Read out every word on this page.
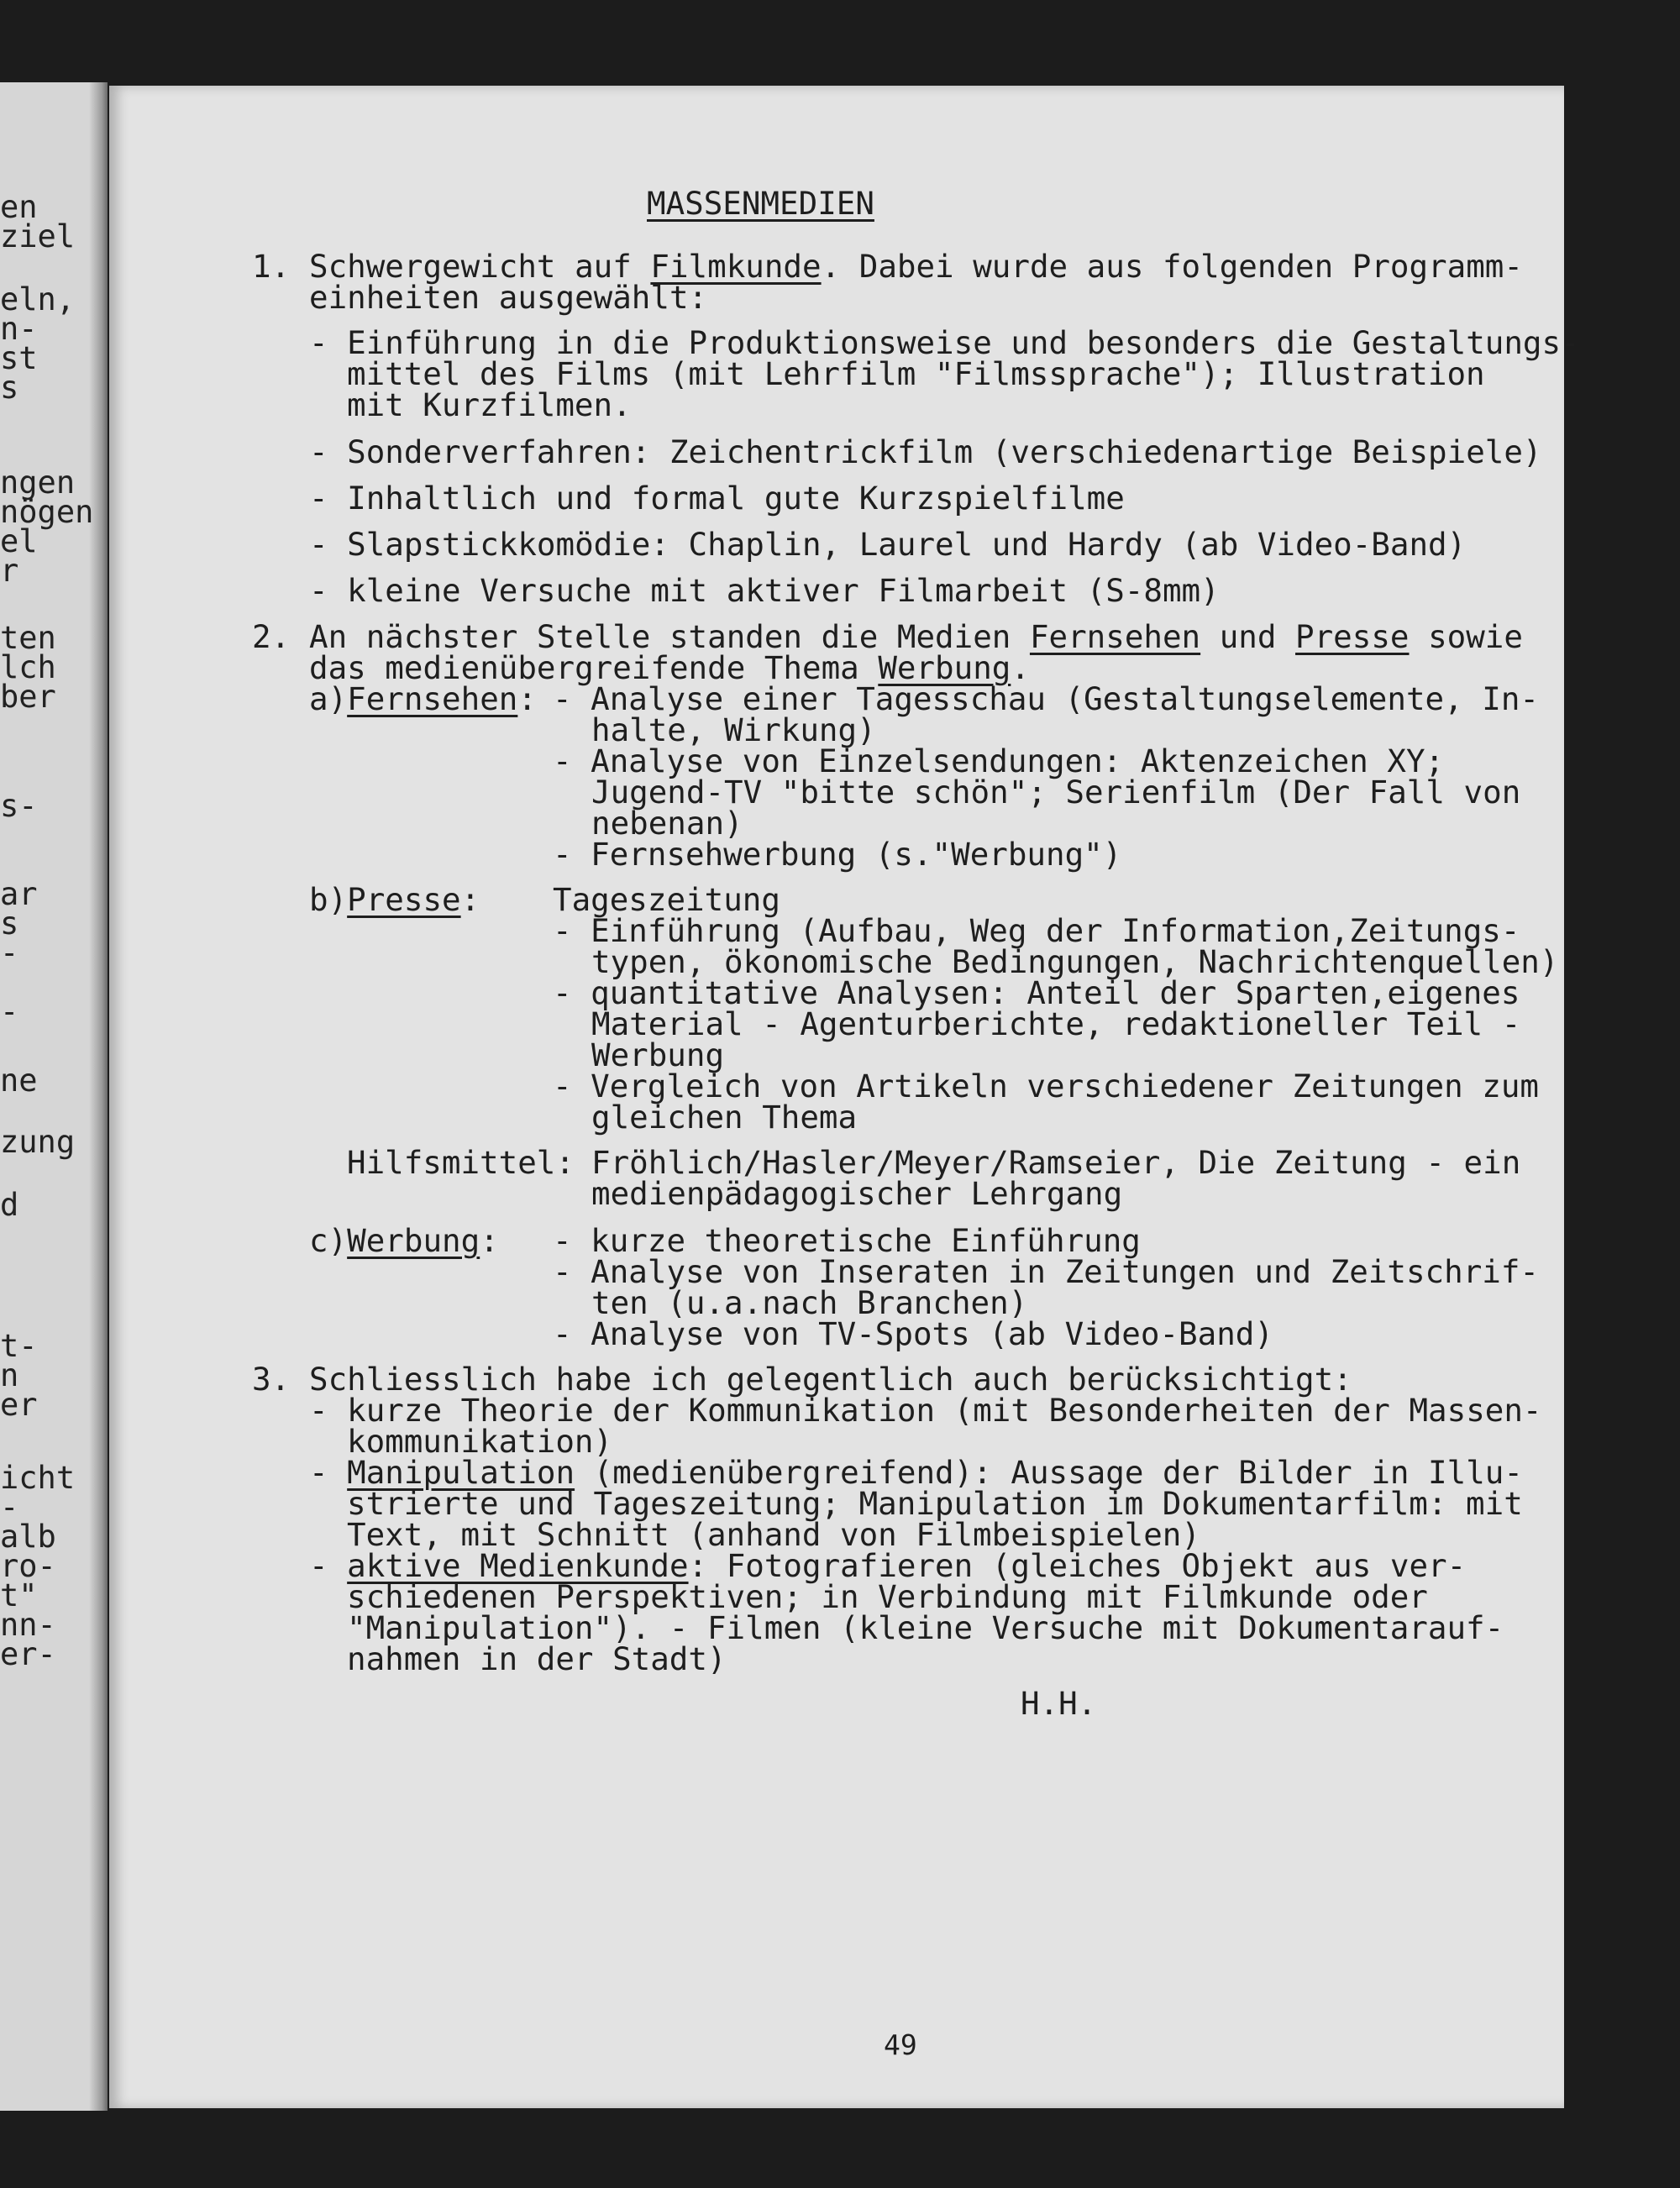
en
ziel
eln,
n-
st
s
ngen
nögen
el
r
ten
lch
ber
s-
ar
s
-
-
ne
zung
d
t-
n
er
icht
-
alb
ro-
t"
nn-
er-
MASSENMEDIEN
1. Schwergewicht auf Filmkunde. Dabei wurde aus folgenden Programm-
einheiten ausgewählt:
- Einführung in die Produktionsweise und besonders die Gestaltungs-
mittel des Films (mit Lehrfilm "Filmssprache"); Illustration
mit Kurzfilmen.
- Sonderverfahren: Zeichentrickfilm (verschiedenartige Beispiele)
- Inhaltlich und formal gute Kurzspielfilme
- Slapstickkomödie: Chaplin, Laurel und Hardy (ab Video-Band)
- kleine Versuche mit aktiver Filmarbeit (S-8mm)
2. An nächster Stelle standen die Medien Fernsehen und Presse sowie
das medienübergreifende Thema Werbung.
a)Fernsehen: - Analyse einer Tagesschau (Gestaltungselemente, In-
halte, Wirkung)
- Analyse von Einzelsendungen: Aktenzeichen XY;
Jugend-TV "bitte schön"; Serienfilm (Der Fall von
nebenan)
- Fernsehwerbung (s."Werbung")
b)Presse: Tageszeitung
- Einführung (Aufbau, Weg der Information,Zeitungs-
typen, ökonomische Bedingungen, Nachrichtenquellen)
- quantitative Analysen: Anteil der Sparten,eigenes
Material - Agenturberichte, redaktioneller Teil -
Werbung
- Vergleich von Artikeln verschiedener Zeitungen zum
gleichen Thema
Hilfsmittel: Fröhlich/Hasler/Meyer/Ramseier, Die Zeitung - ein
medienpädagogischer Lehrgang
c)Werbung: - kurze theoretische Einführung
- Analyse von Inseraten in Zeitungen und Zeitschrif-
ten (u.a.nach Branchen)
- Analyse von TV-Spots (ab Video-Band)
3. Schliesslich habe ich gelegentlich auch berücksichtigt:
- kurze Theorie der Kommunikation (mit Besonderheiten der Massen-
kommunikation)
- Manipulation (medienübergreifend): Aussage der Bilder in Illu-
strierte und Tageszeitung; Manipulation im Dokumentarfilm: mit
Text, mit Schnitt (anhand von Filmbeispielen)
- aktive Medienkunde: Fotografieren (gleiches Objekt aus ver-
schiedenen Perspektiven; in Verbindung mit Filmkunde oder
"Manipulation"). - Filmen (kleine Versuche mit Dokumentarauf-
nahmen in der Stadt)
H.H.
49
